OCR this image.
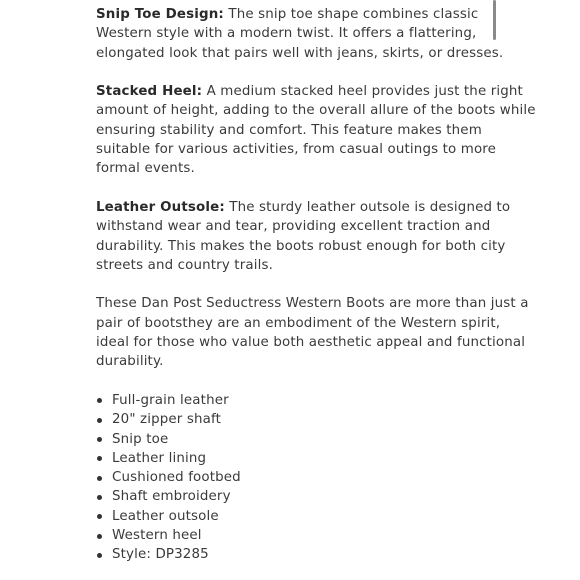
Snip Toe Design: The snip toe shape combines classic Western style with a modern twist. It offers a flattering, elongated look that pairs well with jeans, skirts, or dresses.

Stacked Heel: A medium stacked heel provides just the right amount of height, adding to the overall allure of the boots while ensuring stability and comfort. This feature makes them suitable for various activities, from casual outings to more formal events.

Leather Outsole: The sturdy leather outsole is designed to withstand wear and tear, providing excellent traction and durability. This makes the boots robust enough for both city streets and country trails.

These Dan Post Seductress Western Boots are more than just a pair of bootsthey are an embodiment of the Western spirit, ideal for those who value both aesthetic appeal and functional durability.

Full-grain leather
20" zipper shaft
Snip toe
Leather lining
Cushioned footbed
Shaft embroidery
Leather outsole
Western heel
Style: DP3285
